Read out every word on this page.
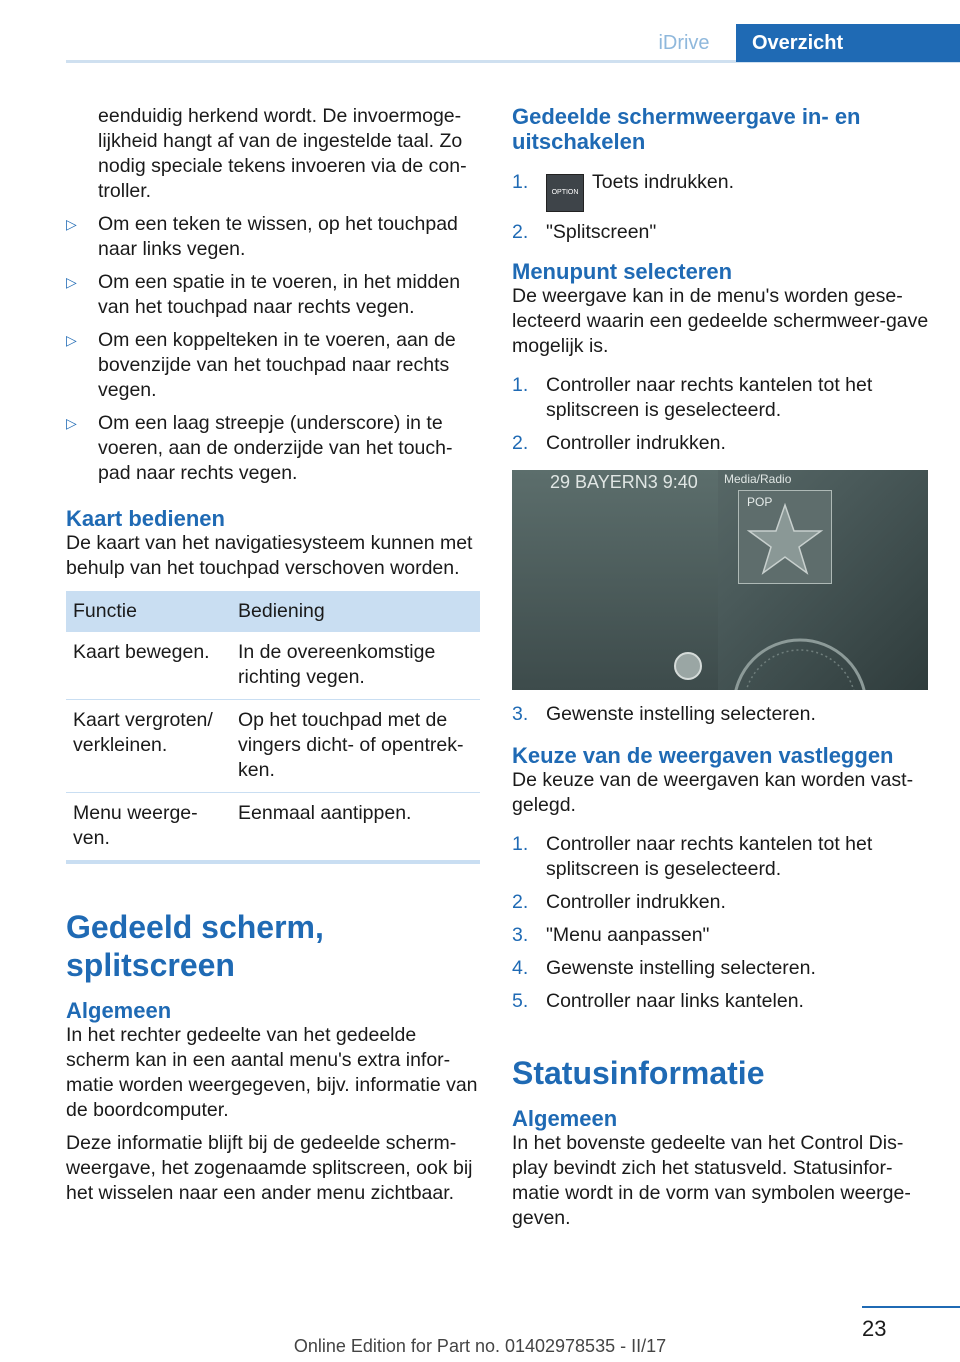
iDrive	Overzicht
eenduidig herkend wordt. De invoermoge‐lijkheid hangt af van de ingestelde taal. Zo nodig speciale tekens invoeren via de con‐troller.
▷ Om een teken te wissen, op het touchpad naar links vegen.
▷ Om een spatie in te voeren, in het midden van het touchpad naar rechts vegen.
▷ Om een koppelteken in te voeren, aan de bovenzijde van het touchpad naar rechts vegen.
▷ Om een laag streepje (underscore) in te voeren, aan de onderzijde van het touch‐pad naar rechts vegen.
Kaart bedienen

De kaart van het navigatiesysteem kunnen met behulp van het touchpad verschoven worden.

Functie	Bediening
Kaart bewegen.	In de overeenkomstige richting vegen.
Kaart vergroten/ verkleinen.	Op het touchpad met de vingers dicht- of opentrek‐ken.
Menu weerge‐ven.	Eenmaal aantippen.
Gedeeld scherm, splitscreen
Algemeen

In het rechter gedeelte van het gedeelde scherm kan in een aantal menu's extra infor‐matie worden weergegeven, bijv. informatie van de boordcomputer.

Deze informatie blijft bij de gedeelde scherm‐weergave, het zogenaamde splitscreen, ook bij het wisselen naar een ander menu zichtbaar.

Gedeelde schermweergave in- en uitschakelen
1.	OPTION Toets indrukken.
2. "Splitscreen"
Menupunt selecteren

De weergave kan in de menu's worden gese‐lecteerd waarin een gedeelde schermweer‐gave mogelijk is.

1. Controller naar rechts kantelen tot het splitscreen is geselecteerd.
2. Controller indrukken.
29 BAYERN3 9:40 Media/Radio
POP
3. Gewenste instelling selecteren.
Keuze van de weergaven vastleggen

De keuze van de weergaven kan worden vast‐gelegd.

1. Controller naar rechts kantelen tot het splitscreen is geselecteerd.
2. Controller indrukken.
3. "Menu aanpassen"
4. Gewenste instelling selecteren.
5. Controller naar links kantelen.
Statusinformatie
Algemeen

In het bovenste gedeelte van het Control Dis‐play bevindt zich het statusveld. Statusinfor‐matie wordt in de vorm van symbolen weerge‐geven.

23
Online Edition for Part no. 01402978535 - II/17
